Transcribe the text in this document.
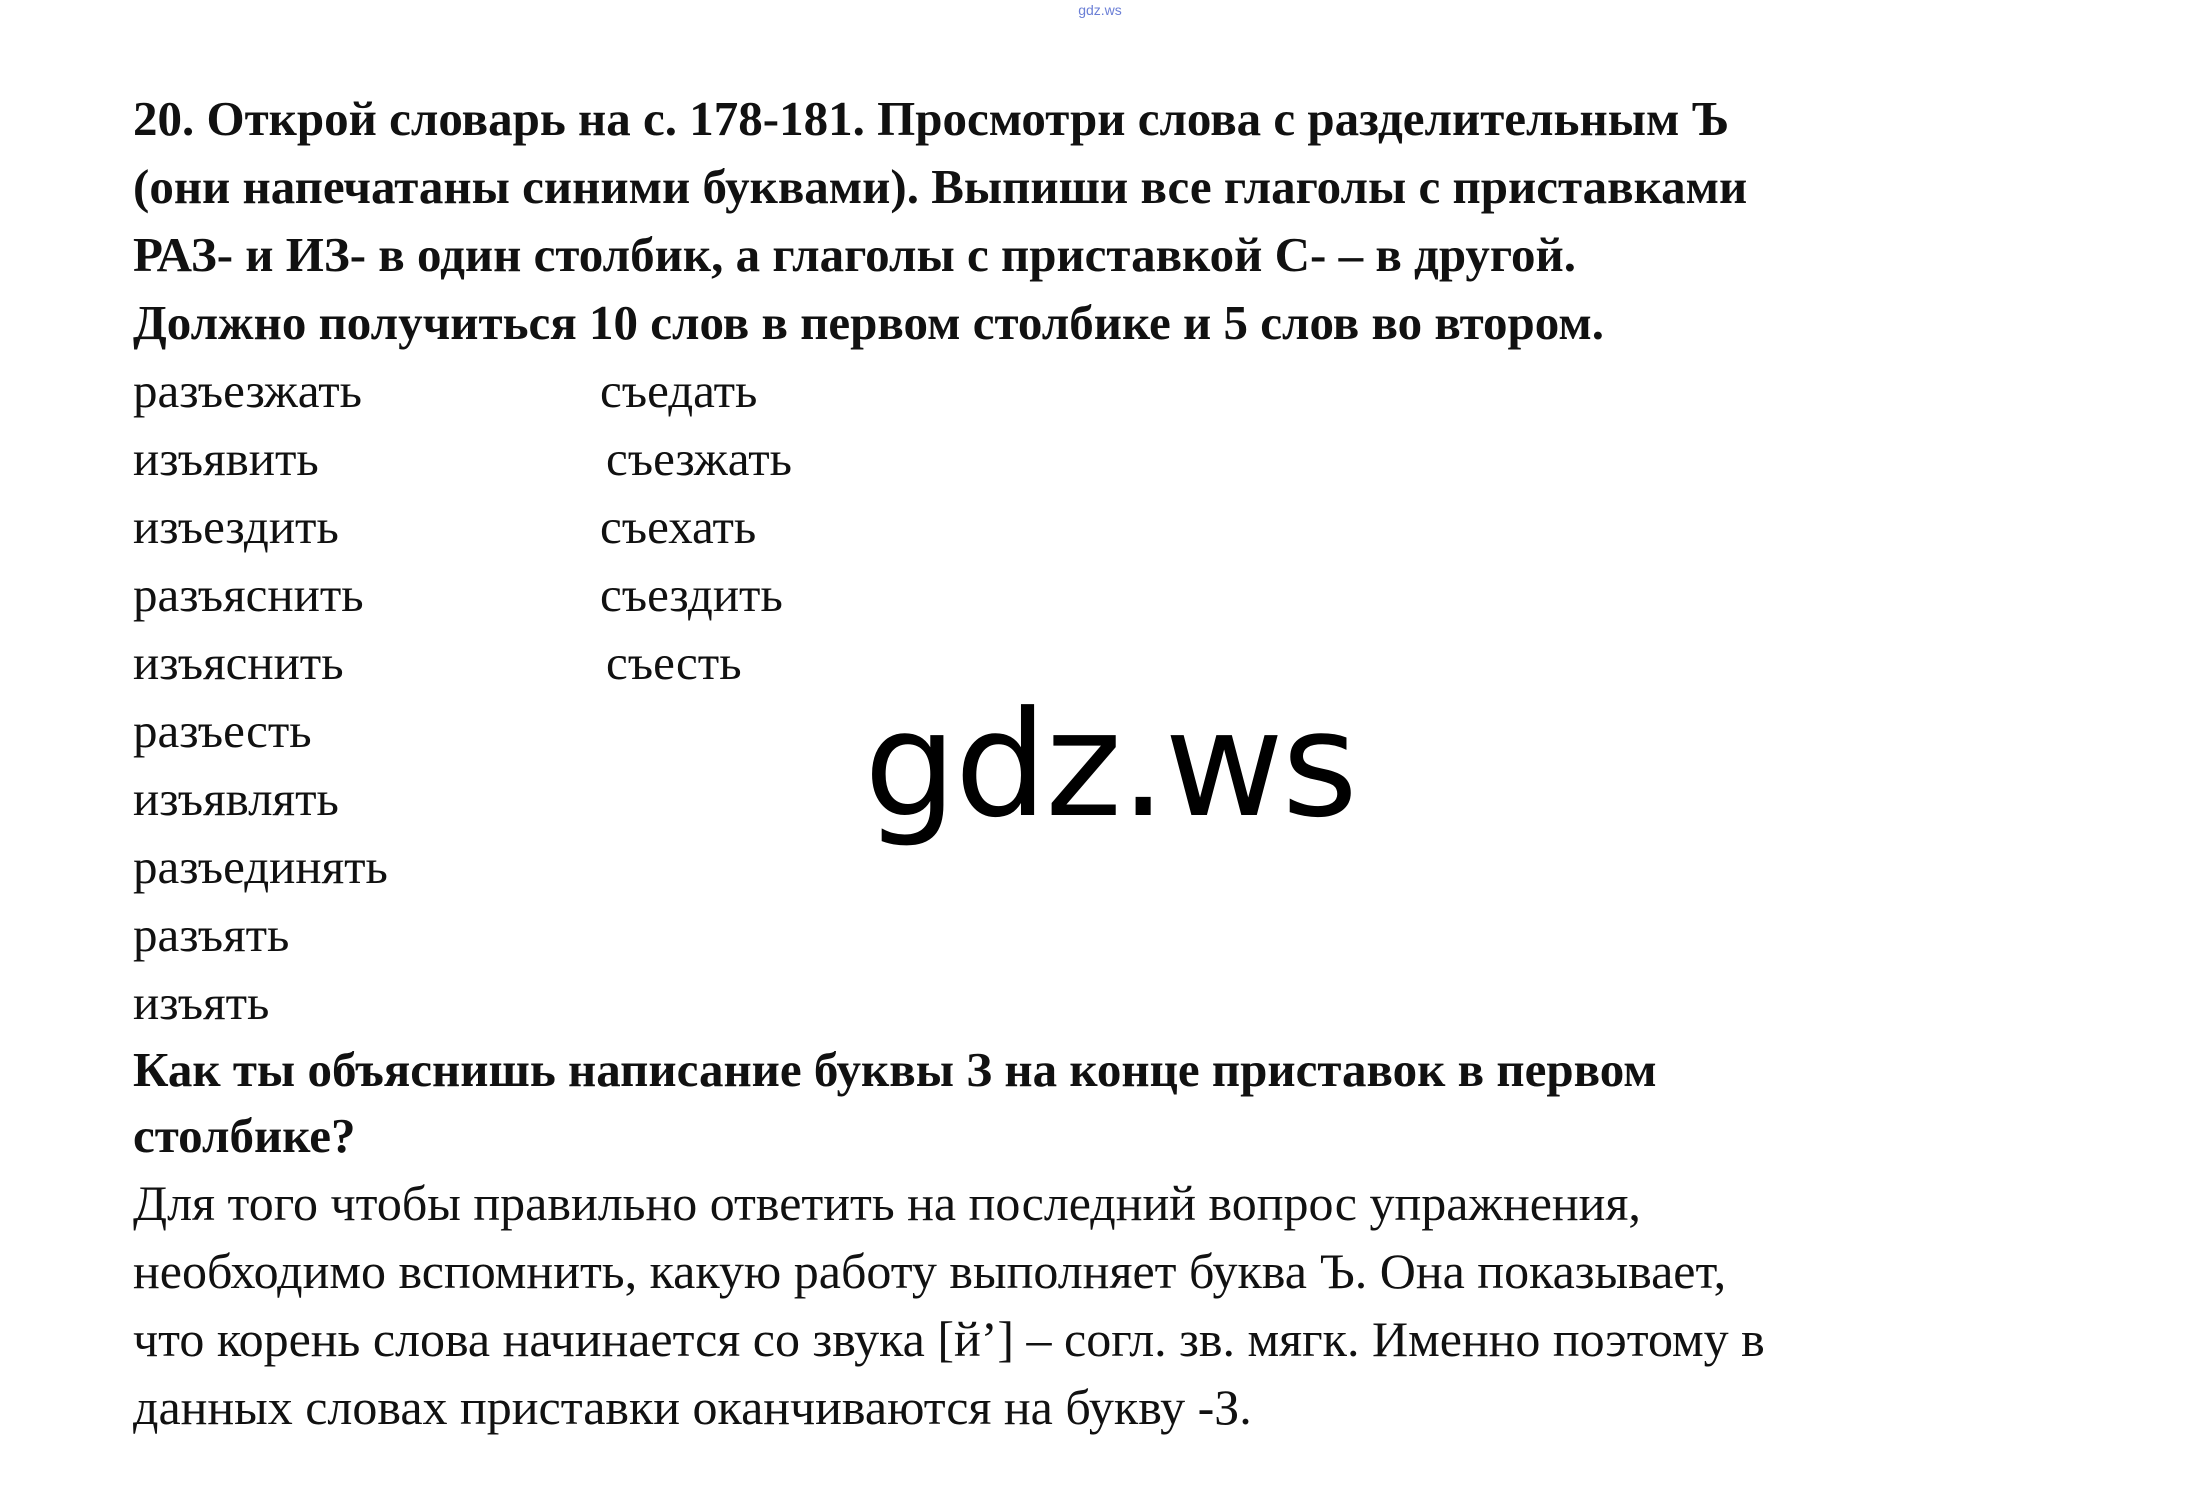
gdz.ws

20. Открой словарь на с. 178-181. Просмотри слова с разделительным Ъ
(они напечатаны синими буквами). Выпиши все глаголы с приставками
РАЗ- и ИЗ- в один столбик, а глаголы с приставкой С- – в другой.
Должно получиться 10 слов в первом столбике и 5 слов во втором.

разъезжать
изъявить
изъездить
разъяснить
изъяснить
разъесть
изъявлять
разъединять
разъять
изъять
съедать
съезжать
съехать
съездить
съесть

Как ты объяснишь написание буквы З на конце приставок в первом
столбике?

Для того чтобы правильно ответить на последний вопрос упражнения,
необходимо вспомнить, какую работу выполняет буква Ъ. Она показывает,
что корень слова начинается со звука [й’] – согл. зв. мягк. Именно поэтому в
данных словах приставки оканчиваются на букву -З.

gdz.ws
